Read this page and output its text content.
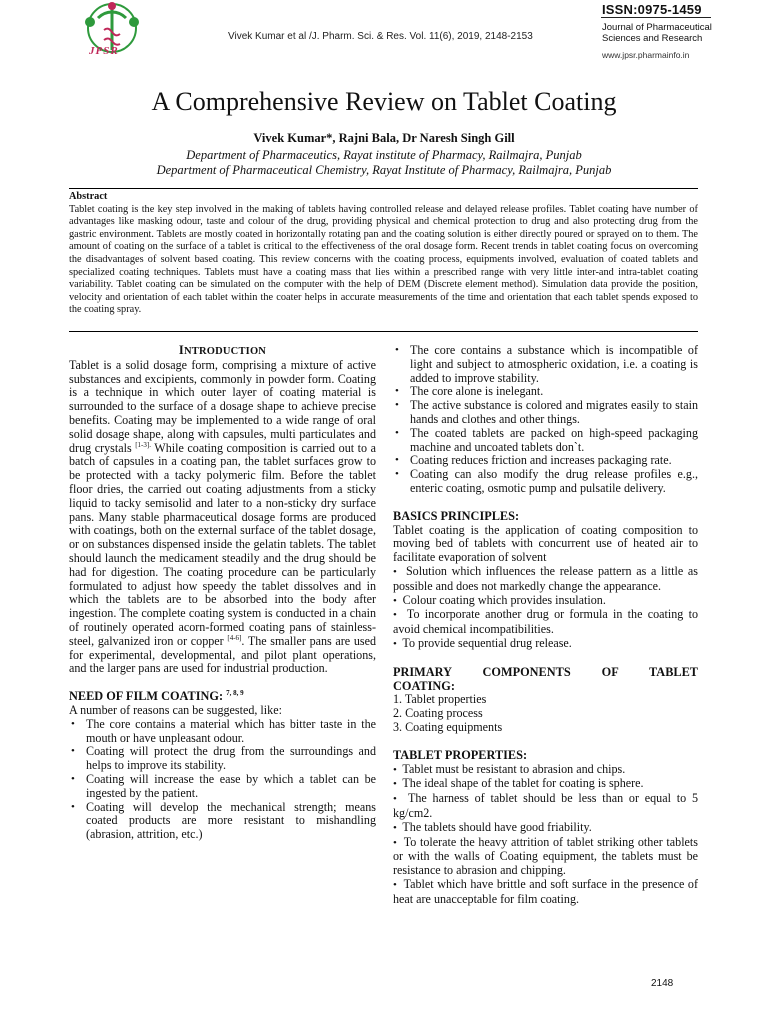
JPSR
Vivek Kumar et al /J. Pharm. Sci. & Res. Vol. 11(6), 2019, 2148-2153
ISSN:0975-1459
Journal of Pharmaceutical
Sciences and Research
www.jpsr.pharmainfo.in
A Comprehensive Review on Tablet Coating
Vivek Kumar*, Rajni Bala, Dr Naresh Singh Gill
Department of Pharmaceutics, Rayat institute of Pharmacy, Railmajra, Punjab
Department of Pharmaceutical Chemistry, Rayat Institute of Pharmacy, Railmajra, Punjab
Abstract
Tablet coating is the key step involved in the making of tablets having controlled release and delayed release profiles. Tablet coating have number of advantages like masking odour, taste and colour of the drug, providing physical and chemical protection to drug and also protecting drug from the gastric environment. Tablets are mostly coated in horizontally rotating pan and the coating solution is either directly poured or sprayed on to them. The amount of coating on the surface of a tablet is critical to the effectiveness of the oral dosage form. Recent trends in tablet coating focus on overcoming the disadvantages of solvent based coating. This review concerns with the coating process, equipments involved, evaluation of coated tablets and specialized coating techniques. Tablets must have a coating mass that lies within a prescribed range with very little inter-and intra-tablet coating variability. Tablet coating can be simulated on the computer with the help of DEM (Discrete element method). Simulation data provide the position, velocity and orientation of each tablet within the coater helps in accurate measurements of the time and orientation that each tablet spends exposed to the coating spray.
INTRODUCTION

Tablet is a solid dosage form, comprising a mixture of active substances and excipients, commonly in powder form. Coating is a technique in which outer layer of coating material is surrounded to the surface of a dosage shape to achieve precise benefits. Coating may be implemented to a wide range of oral solid dosage shape, along with capsules, multi particulates and drug crystals $^{[1-3].}$ While coating composition is carried out to a batch of capsules in a coating pan, the tablet surfaces grow to be protected with a tacky polymeric film. Before the tablet floor dries, the carried out coating adjustments from a sticky liquid to tacky semisolid and later to a non-sticky dry surface pans. Many stable pharmaceutical dosage forms are produced with coatings, both on the external surface of the tablet dosage, or on substances dispensed inside the gelatin tablets. The tablet should launch the medicament steadily and the drug should be had for digestion. The coating procedure can be particularly formulated to adjust how speedy the tablet dissolves and in which the tablets are to be absorbed into the body after ingestion. The complete coating system is conducted in a chain of routinely operated acorn-formed coating pans of stainless-steel, galvanized iron or copper [4-6]. The smaller pans are used for experimental, developmental, and pilot plant operations, and the larger pans are used for industrial production.

NEED OF FILM COATING: $^{7, 8, 9}$

A number of reasons can be suggested, like:

• The core contains a material which has bitter taste in the mouth or have unpleasant odour.
• Coating will protect the drug from the surroundings and helps to improve its stability.
• Coating will increase the ease by which a tablet can be ingested by the patient.
• Coating will develop the mechanical strength; means coated products are more resistant to mishandling (abrasion, attrition, etc.)
• The core contains a substance which is incompatible of light and subject to atmospheric oxidation, i.e. a coating is added to improve stability.
• The core alone is inelegant.
• The active substance is colored and migrates easily to stain hands and clothes and other things.
• The coated tablets are packed on high-speed packaging machine and uncoated tablets don`t.
• Coating reduces friction and increases packaging rate.
• Coating can also modify the drug release profiles e.g., enteric coating, osmotic pump and pulsatile delivery.
BASICS PRINCIPLES:

Tablet coating is the application of coating composition to moving bed of tablets with concurrent use of heated air to facilitate evaporation of solvent

• Solution which influences the release pattern as a little as possible and does not markedly change the appearance.
• Colour coating which provides insulation.
• To incorporate another drug or formula in the coating to avoid chemical incompatibilities.
• To provide sequential drug release.
PRIMARY COMPONENTS OF TABLET
COATING:
1. Tablet properties
2. Coating process
3. Coating equipments
TABLET PROPERTIES:
• Tablet must be resistant to abrasion and chips.
• The ideal shape of the tablet for coating is sphere.
• The harness of tablet should be less than or equal to 5 kg/cm2.
• The tablets should have good friability.
• To tolerate the heavy attrition of tablet striking other tablets or with the walls of Coating equipment, the tablets must be resistance to abrasion and chipping.
• Tablet which have brittle and soft surface in the presence of heat are unacceptable for film coating.
2148
